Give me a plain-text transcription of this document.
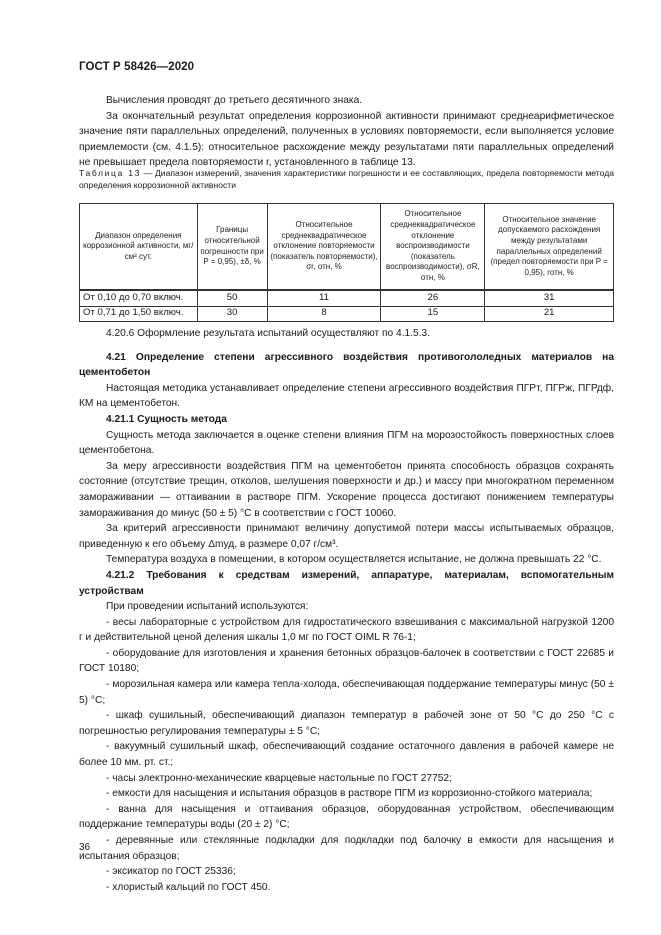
ГОСТ Р 58426—2020

Вычисления проводят до третьего десятичного знака.

За окончательный результат определения коррозионной активности принимают среднеарифметическое значение пяти параллельных определений, полученных в условиях повторяемости, если выполняется условие приемлемости (см. 4.1.5): относительное расхождение между результатами пяти параллельных определений не превышает предела повторяемости r, установленного в таблице 13.

Таблица 13 — Диапазон измерений, значения характеристики погрешности и ее составляющих, предела повторяемости метода определения коррозионной активности
Диапазон определения коррозионной активности, мг/см² сут.	Границы относительной погрешности при P = 0,95), ±δ, %	Относительное среднеквадратическое отклонение повторяемости (показатель повторяемости), σr, отн, %	Относительное среднеквадратическое отклонение воспроизводимости (показатель воспроизводимости), σR, отн, %	Относительное значение допускаемого расхождения между результатами параллельных определений (предел повторяемости при P = 0,95), rотн, %
От 0,10 до 0,70 включ.	50	11	26	31
От 0,71 до 1,50 включ.	30	8	15	21

4.20.6 Оформление результата испытаний осуществляют по 4.1.5.3.

4.21 Определение степени агрессивного воздействия противогололедных материалов на цементобетон

Настоящая методика устанавливает определение степени агрессивного воздействия ПГРт, ПГРж, ПГРдф, КМ на цементобетон.

4.21.1 Сущность метода

Сущность метода заключается в оценке степени влияния ПГМ на морозостойкость поверхностных слоев цементобетона.

За меру агрессивности воздействия ПГМ на цементобетон принята способность образцов сохранять состояние (отсутствие трещин, отколов, шелушения поверхности и др.) и массу при многократном переменном замораживании — оттаивании в растворе ПГМ. Ускорение процесса достигают понижением температуры замораживания до минус (50 ± 5) °С в соответствии с ГОСТ 10060.

За критерий агрессивности принимают величину допустимой потери массы испытываемых образцов, приведенную к его объему Δmуд, в размере 0,07 г/см³.

Температура воздуха в помещении, в котором осуществляется испытание, не должна превышать 22 °С.

4.21.2 Требования к средствам измерений, аппаратуре, материалам, вспомогательным устройствам

При проведении испытаний используются:

- весы лабораторные с устройством для гидростатического взвешивания с максимальной нагрузкой 1200 г и действительной ценой деления шкалы 1,0 мг по ГОСТ OIML R 76-1;

- оборудование для изготовления и хранения бетонных образцов-балочек в соответствии с ГОСТ 22685 и ГОСТ 10180;

- морозильная камера или камера тепла-холода, обеспечивающая поддержание температуры минус (50 ± 5) °С;

- шкаф сушильный, обеспечивающий диапазон температур в рабочей зоне от 50 °С до 250 °С с погрешностью регулирования температуры ± 5 °С;

- вакуумный сушильный шкаф, обеспечивающий создание остаточного давления в рабочей камере не более 10 мм. рт. ст.;

- часы электронно-механические кварцевые настольные по ГОСТ 27752;

- емкости для насыщения и испытания образцов в растворе ПГМ из коррозионно-стойкого материала;

- ванна для насыщения и оттаивания образцов, оборудованная устройством, обеспечивающим поддержание температуры воды (20 ± 2) °С;

- деревянные или стеклянные подкладки для подкладки под балочку в емкости для насыщения и испытания образцов;

- эксикатор по ГОСТ 25336;

- хлористый кальций по ГОСТ 450.

36
